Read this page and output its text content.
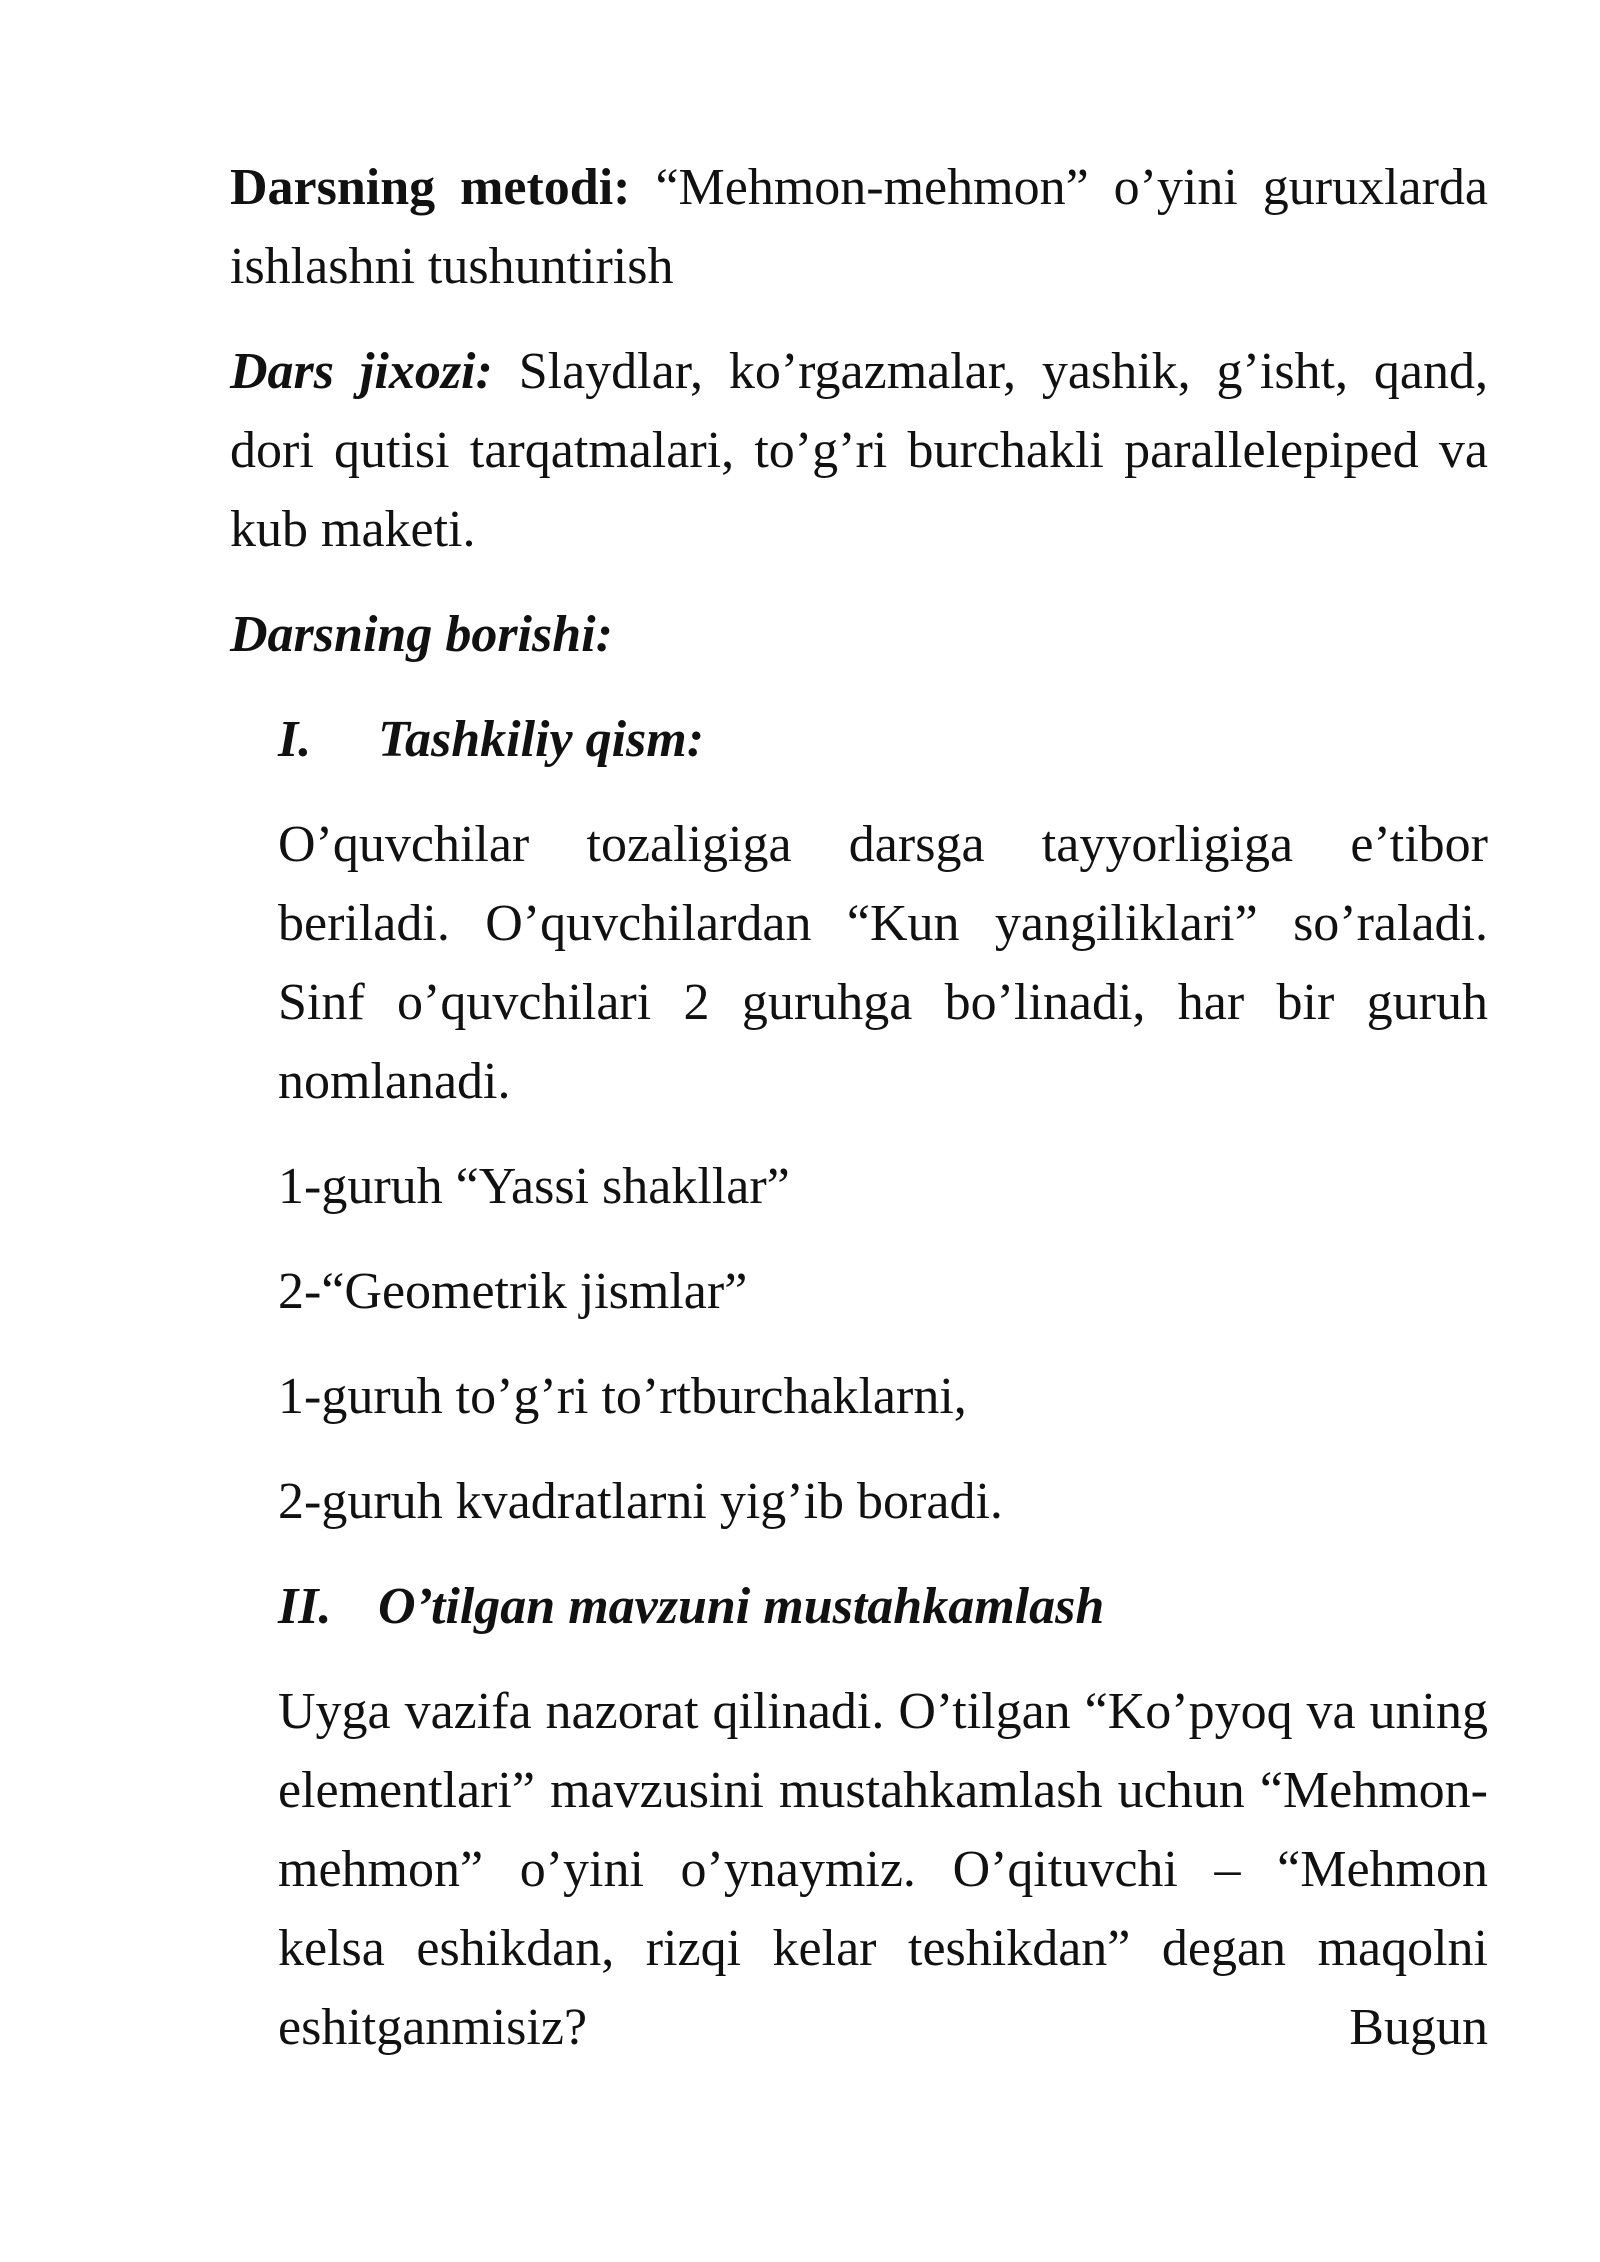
Darsning metodi: “Mehmon-mehmon” o’yini guruxlarda ishlashni tushuntirish

Dars jixozi: Slaydlar, ko’rgazmalar, yashik, g’isht, qand, dori qutisi tarqatmalari, to’g’ri burchakli parallelepiped va kub maketi.

Darsning borishi:

I. Tashkiliy qism:

O’quvchilar tozaligiga darsga tayyorligiga e’tibor beriladi. O’quvchilardan “Kun yangiliklari” so’raladi. Sinf o’quvchilari 2 guruhga bo’linadi, har bir guruh nomlanadi.

1-guruh “Yassi shakllar”

2-“Geometrik jismlar”

1-guruh to’g’ri to’rtburchaklarni,

2-guruh kvadratlarni yig’ib boradi.

II. O’tilgan mavzuni mustahkamlash

Uyga vazifa nazorat qilinadi. O’tilgan “Ko’pyoq va uning elementlari” mavzusini mustahkamlash uchun “Mehmon-mehmon” o’yini o’ynaymiz. O’qituvchi – “Mehmon kelsa eshikdan, rizqi kelar teshikdan” degan maqolni eshitganmisiz? Bugun
